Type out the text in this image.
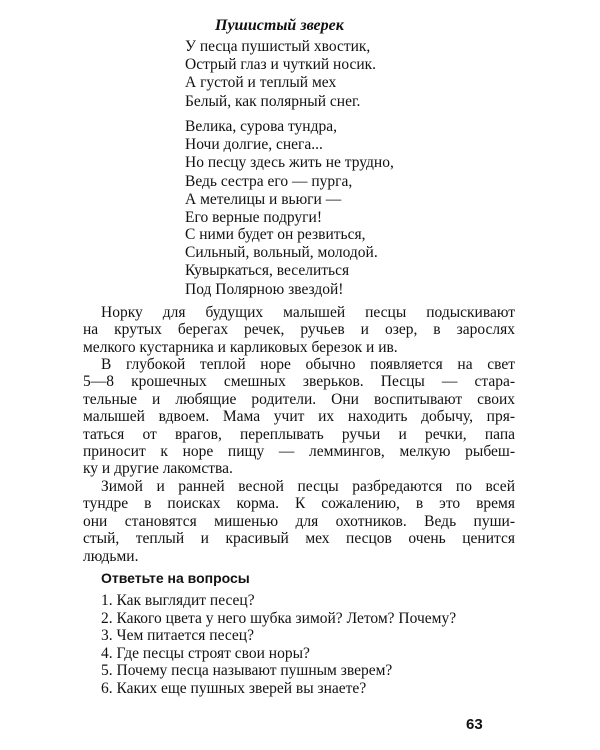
Пушистый зверек
У песца пушистый хвостик,
Острый глаз и чуткий носик.
А густой и теплый мех
Белый, как полярный снег.
Велика, сурова тундра,
Ночи долгие, снега...
Но песцу здесь жить не трудно,
Ведь сестра его — пурга,
А метелицы и вьюги —
Его верные подруги!
С ними будет он резвиться,
Сильный, вольный, молодой.
Кувыркаться, веселиться
Под Полярною звездой!
Норку для будущих малышей песцы подыскивают
на крутых берегах речек, ручьев и озер, в зарослях
мелкого кустарника и карликовых березок и ив.
В глубокой теплой норе обычно появляется на свет
5—8 крошечных смешных зверьков. Песцы — стара-
тельные и любящие родители. Они воспитывают своих
малышей вдвоем. Мама учит их находить добычу, пря-
таться от врагов, переплывать ручьи и речки, папа
приносит к норе пищу — леммингов, мелкую рыбеш-
ку и другие лакомства.
Зимой и ранней весной песцы разбредаются по всей
тундре в поисках корма. К сожалению, в это время
они становятся мишенью для охотников. Ведь пуши-
стый, теплый и красивый мех песцов очень ценится
людьми.
Ответьте на вопросы
1. Как выглядит песец?
2. Какого цвета у него шубка зимой? Летом? Почему?
3. Чем питается песец?
4. Где песцы строят свои норы?
5. Почему песца называют пушным зверем?
6. Каких еще пушных зверей вы знаете?
63
